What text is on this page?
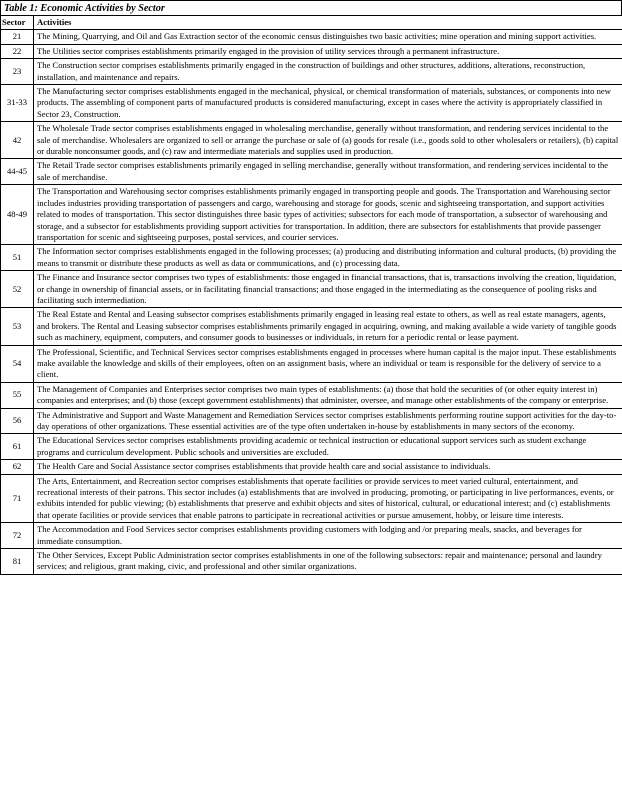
Table 1: Economic Activities by Sector
Sector	Activities
21	The Mining, Quarrying, and Oil and Gas Extraction sector of the economic census distinguishes two basic activities; mine operation and mining support activities.
22	The Utilities sector comprises establishments primarily engaged in the provision of utility services through a permanent infrastructure.
23	The Construction sector comprises establishments primarily engaged in the construction of buildings and other structures, additions, alterations, reconstruction, installation, and maintenance and repairs.
31-33	The Manufacturing sector comprises establishments engaged in the mechanical, physical, or chemical transformation of materials, substances, or components into new products. The assembling of component parts of manufactured products is considered manufacturing, except in cases where the activity is appropriately classified in Sector 23, Construction.
42	The Wholesale Trade sector comprises establishments engaged in wholesaling merchandise, generally without transformation, and rendering services incidental to the sale of merchandise. Wholesalers are organized to sell or arrange the purchase or sale of (a) goods for resale (i.e., goods sold to other wholesalers or retailers), (b) capital or durable nonconsumer goods, and (c) raw and intermediate materials and supplies used in production.
44-45	The Retail Trade sector comprises establishments primarily engaged in selling merchandise, generally without transformation, and rendering services incidental to the sale of merchandise.
48-49	The Transportation and Warehousing sector comprises establishments primarily engaged in transporting people and goods. The Transportation and Warehousing sector includes industries providing transportation of passengers and cargo, warehousing and storage for goods, scenic and sightseeing transportation, and support activities related to modes of transportation. This sector distinguishes three basic types of activities; subsectors for each mode of transportation, a subsector of warehousing and storage, and a subsector for establishments providing support activities for transportation. In addition, there are subsectors for establishments that provide passenger transportation for scenic and sightseeing purposes, postal services, and courier services.
51	The Information sector comprises establishments engaged in the following processes; (a) producing and distributing information and cultural products, (b) providing the means to transmit or distribute these products as well as data or communications, and (c) processing data.
52	The Finance and Insurance sector comprises two types of establishments: those engaged in financial transactions, that is, transactions involving the creation, liquidation, or change in ownership of financial assets, or in facilitating financial transactions; and those engaged in the intermediating as the consequence of pooling risks and facilitating such intermediation.
53	The Real Estate and Rental and Leasing subsector comprises establishments primarily engaged in leasing real estate to others, as well as real estate managers, agents, and brokers. The Rental and Leasing subsector comprises establishments primarily engaged in acquiring, owning, and making available a wide variety of tangible goods such as machinery, equipment, computers, and consumer goods to businesses or individuals, in return for a periodic rental or lease payment.
54	The Professional, Scientific, and Technical Services sector comprises establishments engaged in processes where human capital is the major input. These establishments make available the knowledge and skills of their employees, often on an assignment basis, where an individual or team is responsible for the delivery of service to a client.
55	The Management of Companies and Enterprises sector comprises two main types of establishments: (a) those that hold the securities of (or other equity interest in) companies and enterprises; and (b) those (except government establishments) that administer, oversee, and manage other establishments of the company or enterprise.
56	The Administrative and Support and Waste Management and Remediation Services sector comprises establishments performing routine support activities for the day-to-day operations of other organizations. These essential activities are of the type often undertaken in-house by establishments in many sectors of the economy.
61	The Educational Services sector comprises establishments providing academic or technical instruction or educational support services such as student exchange programs and curriculum development. Public schools and universities are excluded.
62	The Health Care and Social Assistance sector comprises establishments that provide health care and social assistance to individuals.
71	The Arts, Entertainment, and Recreation sector comprises establishments that operate facilities or provide services to meet varied cultural, entertainment, and recreational interests of their patrons. This sector includes (a) establishments that are involved in producing, promoting, or participating in live performances, events, or exhibits intended for public viewing; (b) establishments that preserve and exhibit objects and sites of historical, cultural, or educational interest; and (c) establishments that operate facilities or provide services that enable patrons to participate in recreational activities or pursue amusement, hobby, or leisure time interests.
72	The Accommodation and Food Services sector comprises establishments providing customers with lodging and /or preparing meals, snacks, and beverages for immediate consumption.
81	The Other Services, Except Public Administration sector comprises establishments in one of the following subsectors: repair and maintenance; personal and laundry services; and religious, grant making, civic, and professional and other similar organizations.
